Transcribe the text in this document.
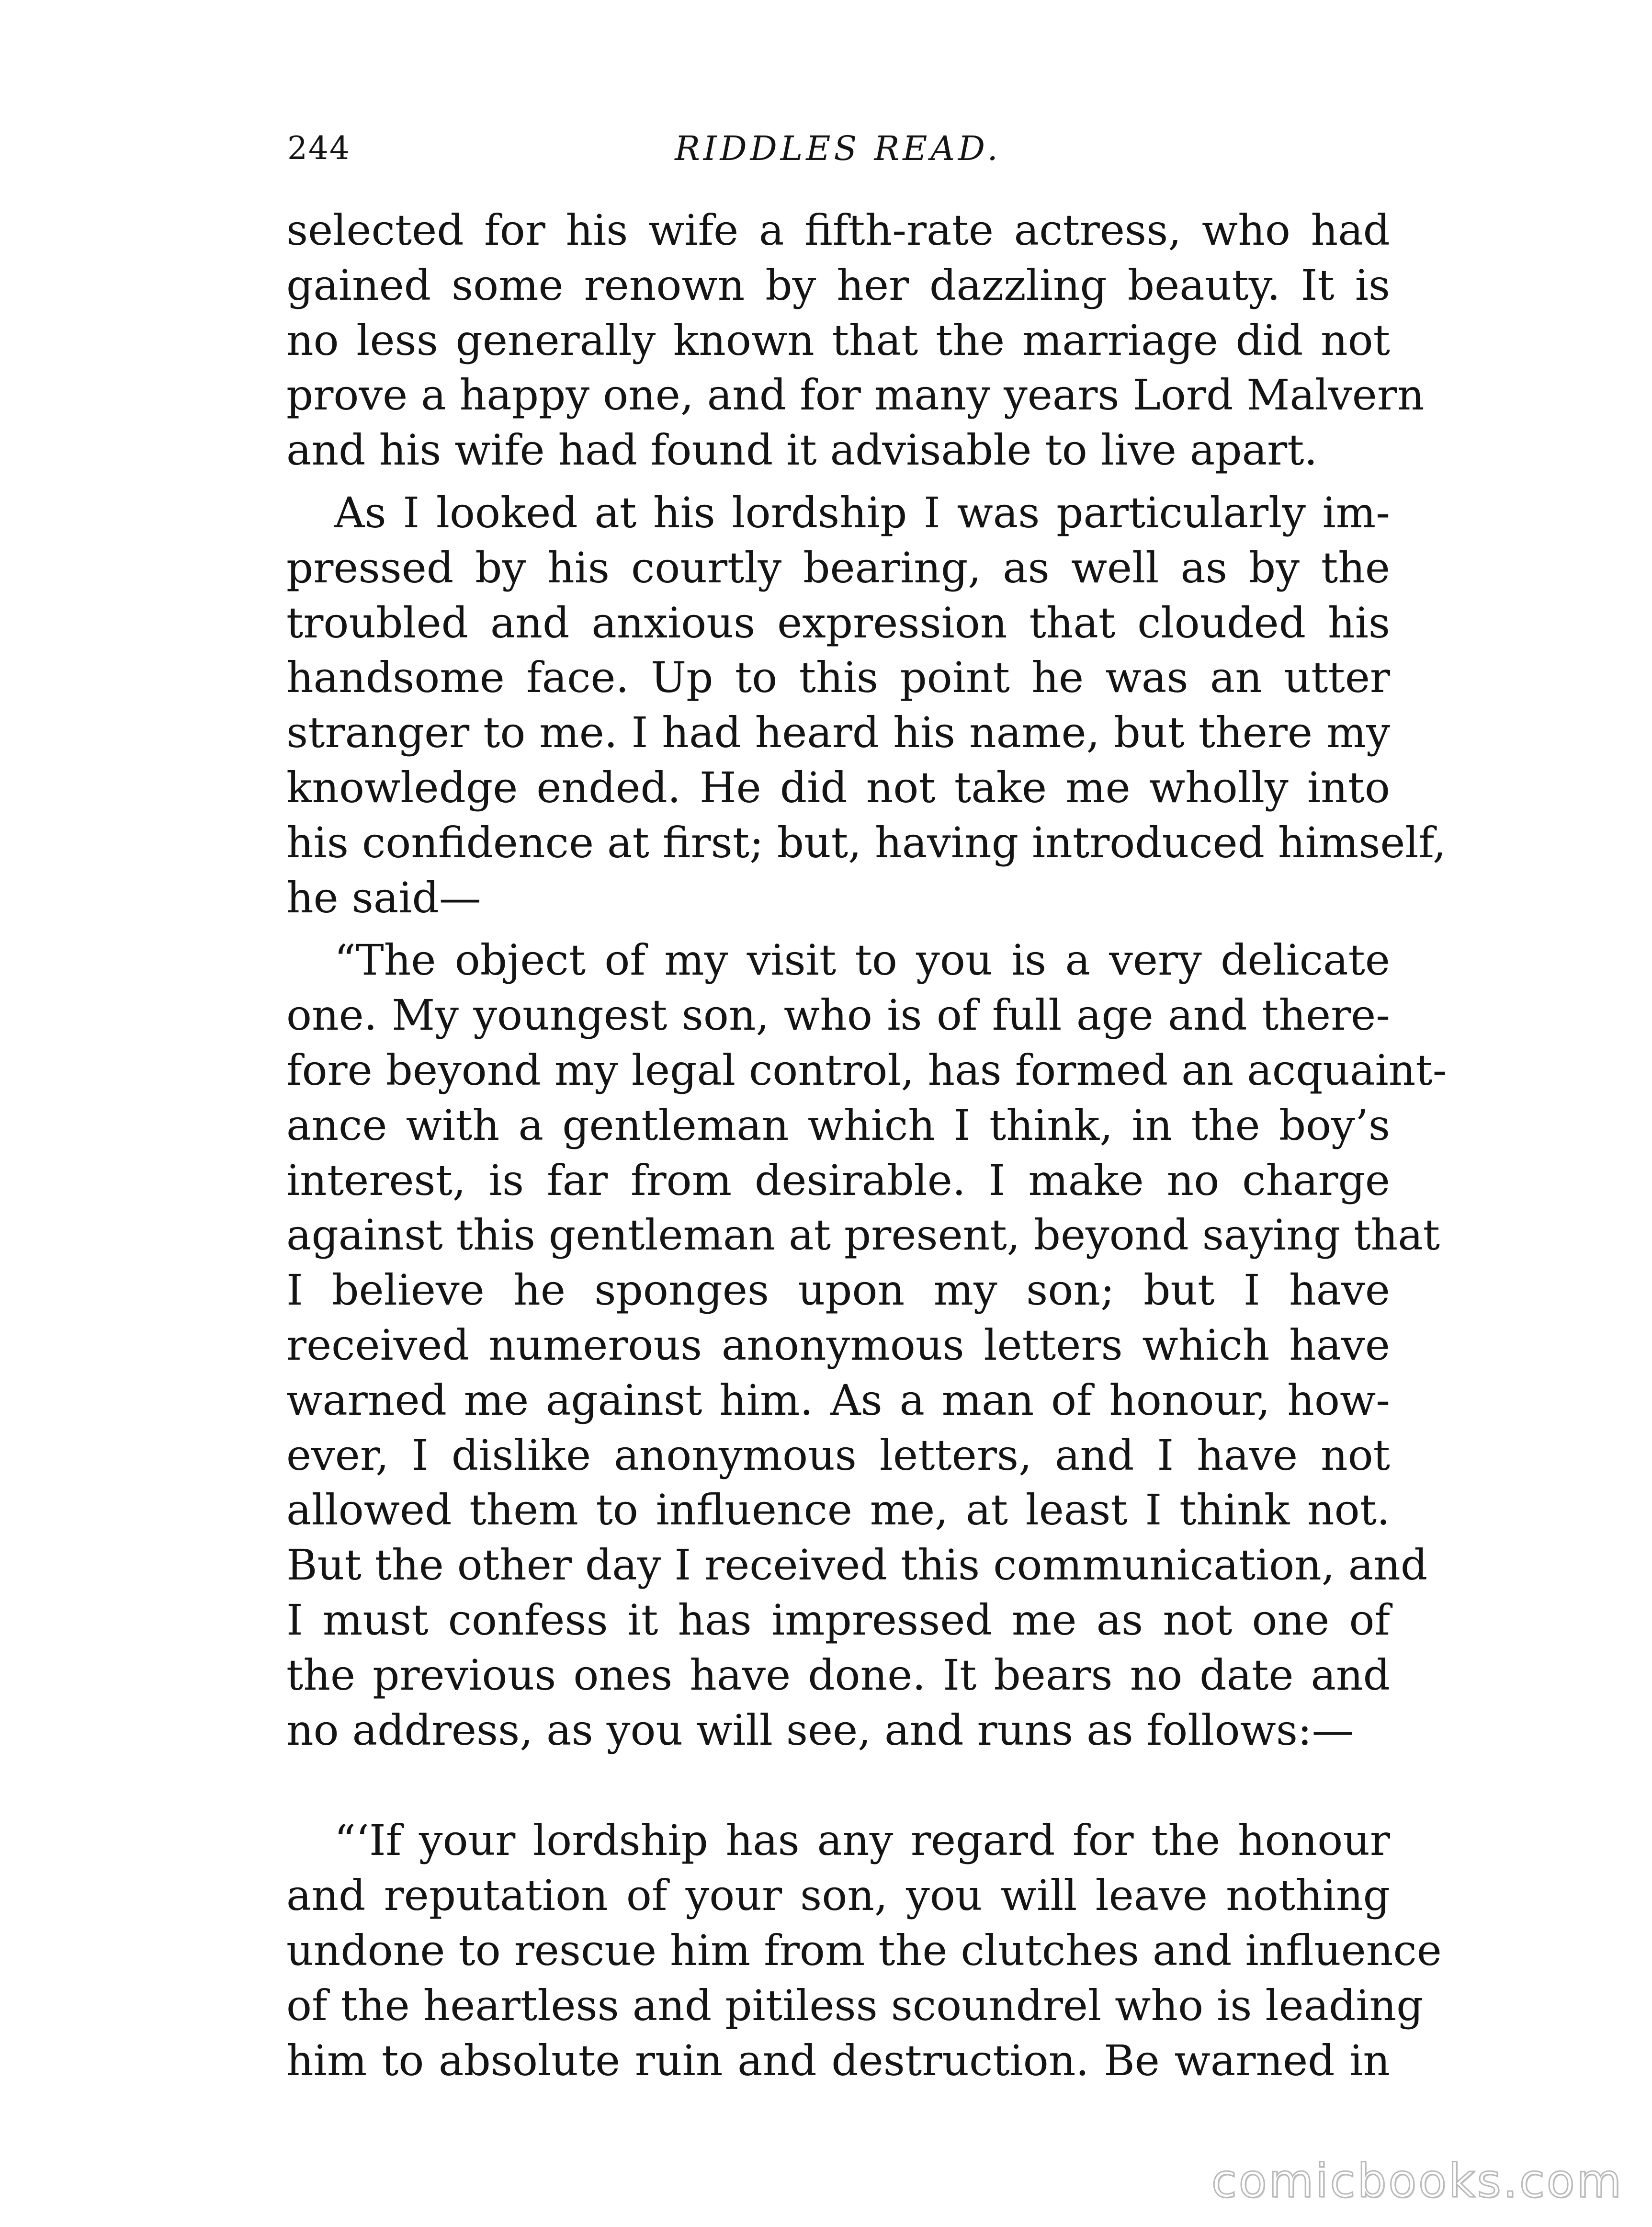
244	RIDDLES READ.

selected for his wife a fifth-rate actress, who had

gained some renown by her dazzling beauty. It is

no less generally known that the marriage did not

prove a happy one, and for many years Lord Malvern

and his wife had found it advisable to live apart.

As I looked at his lordship I was particularly im-

pressed by his courtly bearing, as well as by the

troubled and anxious expression that clouded his

handsome face. Up to this point he was an utter

stranger to me. I had heard his name, but there my

knowledge ended. He did not take me wholly into

his confidence at first; but, having introduced himself,

he said—

“The object of my visit to you is a very delicate

one. My youngest son, who is of full age and there-

fore beyond my legal control, has formed an acquaint-

ance with a gentleman which I think, in the boy’s

interest, is far from desirable. I make no charge

against this gentleman at present, beyond saying that

I believe he sponges upon my son; but I have

received numerous anonymous letters which have

warned me against him. As a man of honour, how-

ever, I dislike anonymous letters, and I have not

allowed them to influence me, at least I think not.

But the other day I received this communication, and

I must confess it has impressed me as not one of

the previous ones have done. It bears no date and

no address, as you will see, and runs as follows:—

“‘If your lordship has any regard for the honour

and reputation of your son, you will leave nothing

undone to rescue him from the clutches and influence

of the heartless and pitiless scoundrel who is leading

him to absolute ruin and destruction. Be warned in

comicbooks.com
